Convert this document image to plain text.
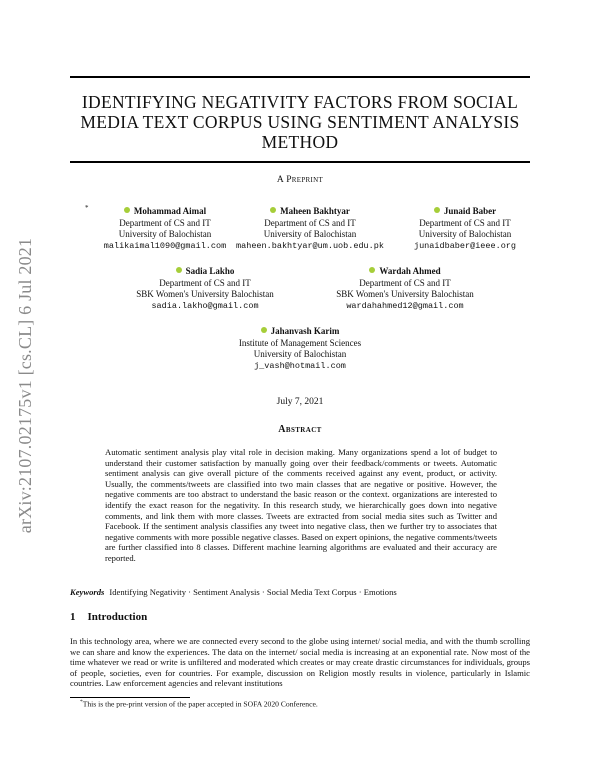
arXiv:2107.02175v1 [cs.CL] 6 Jul 2021
IDENTIFYING NEGATIVITY FACTORS FROM SOCIAL MEDIA TEXT CORPUS USING SENTIMENT ANALYSIS METHOD
A Preprint
*	Mohammad Aimal
Department of CS and IT
University of Balochistan
malikaimal1090@gmail.com
Maheen Bakhtyar
Department of CS and IT
University of Balochistan
maheen.bakhtyar@um.uob.edu.pk
Junaid Baber
Department of CS and IT
University of Balochistan
junaidbaber@ieee.org
Sadia Lakho
Department of CS and IT
SBK Women's University Balochistan
sadia.lakho@gmail.com
Wardah Ahmed
Department of CS and IT
SBK Women's University Balochistan
wardahahmed12@gmail.com
Jahanvash Karim
Institute of Management Sciences
University of Balochistan
j_vash@hotmail.com
July 7, 2021
Abstract

Automatic sentiment analysis play vital role in decision making. Many organizations spend a lot of budget to understand their customer satisfaction by manually going over their feedback/comments or tweets. Automatic sentiment analysis can give overall picture of the comments received against any event, product, or activity. Usually, the comments/tweets are classified into two main classes that are negative or positive. However, the negative comments are too abstract to understand the basic reason or the context. organizations are interested to identify the exact reason for the negativity. In this research study, we hierarchically goes down into negative comments, and link them with more classes. Tweets are extracted from social media sites such as Twitter and Facebook. If the sentiment analysis classifies any tweet into negative class, then we further try to associates that negative comments with more possible negative classes. Based on expert opinions, the negative comments/tweets are further classified into 8 classes. Different machine learning algorithms are evaluated and their accuracy are reported.

Keywords Identifying Negativity · Sentiment Analysis · Social Media Text Corpus · Emotions
1 Introduction

In this technology area, where we are connected every second to the globe using internet/ social media, and with the thumb scrolling we can share and know the experiences. The data on the internet/ social media is increasing at an exponential rate. Now most of the time whatever we read or write is unfiltered and moderated which creates or may create drastic circumstances for individuals, groups of people, societies, even for countries. For example, discussion on Religion mostly results in violence, particularly in Islamic countries. Law enforcement agencies and relevant institutions

*This is the pre-print version of the paper accepted in SOFA 2020 Conference.
